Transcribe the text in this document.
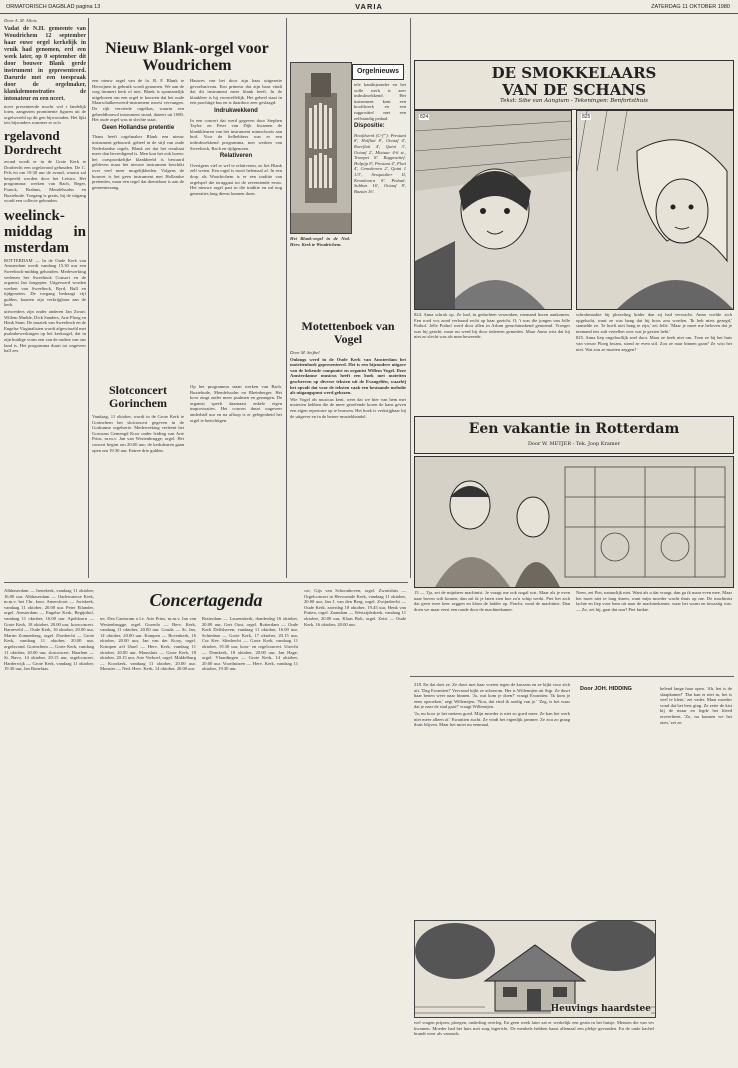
ORMATORISCH DAGBLAD pagina 13	VARIA	ZATERDAG 11 OKTOBER 1980

Door A. M. Allois

Vadat de N.H. gemeente van Woudrichem 12 september haar euwe orgel kerkelijk in vruik had genomen, erd een week later, op 0 september dit door bouwer Blank gerde instrument in gepresenteerd. Daeurde met een toespraak door de orgelmaker, klankdemonstraties de intonateur en een ncert.

ncert presenteerde mocht wel t landelijk loten, aangezien prominente figuren uit de orgelwereld op dit gen bijwoonden. Het lijkt iets bijzonders wanneer er zo'n

rgelavond Dordrecht

avond wordt er in de Grote Kerk te Dordrecht een orgelavond gehouden. De C. Pels en om 19.30 uur de avond, waarin zal bespeeld worden door het Leistra. Het programma: werken van Bach, Reger, Franck, Brahms, Mendelssohn en Buxtehude. Toegang is gratis, bij de uitgang wordt een collecte gehouden.

weelinck-middag in msterdam

ROTTERDAM — In de Oude Kerk van Amsterdam wordt vandaag 15.30 uur een Sweelinck-middag gehouden. Medewerking verlenen het Sweelinck Consort en de organist Jan Jongepier. Uitgevoerd worden werken van Sweelinck, Byrd, Bull en tijdgenoten. De toegang bedraagt vijf gulden, kaarten zijn verkrijgbaar aan de kerk.

uitvoerders zijn onder anderen Jan Zwart, Willem Mudde, Dick Sanders, Arie Ploeg en Henk Stam. De muziek van Sweelinck en de Engelse Virginalisten wordt afgewisseld met psalmbewerkingen op het kerkorgel, dat in zijn huidige vorm een van de oudste van ons land is. Het programma duurt tot ongeveer half zes.

Nieuw Blank-orgel voor Woudrichem

een nieuw orgel van de fa. B. F. Blank te Herwijnen in gebruik wordt genomen. We aan de weg timmert kerk of niet. Blank is spontanelijk uitgekozen om een orgel te bouwen dat het oude Maarschalkerweerd-instrument moest vervangen. De rijk versierde orgelkas, waarin een gebeeldhouwd instrument stond, dateert uit 1680. Het oude orgel was in slechte staat.

Geen Hollandse pretentie

Thans heeft orgelmaker Blank een nieuw instrument gebouwd, geheel in de stijl van oude Nederlandse orgels. Blank zei dat het resultaat meer dan bevredigend is. Men kon het ook horen: het oorspronkelijke klankbeeld is bewaard gebleven maar het nieuwe instrument beschikt over veel meer mogelijkheden. Volgens de bouwer is het geen instrument met Hollandse pretenties, maar een orgel dat dienstbaar is aan de gemeentezang.

Hauwes van het door zijn baas uitgezette gevoelsniveau. Een primeur dat zijn baas vindt dat dit instrument meer klank heeft. In de klankleer is hij voortreffelijk. Het geheel staat in een prachtige kas en is daardoor zeer geslaagd.

Indrukwekkend

In een concert dat werd gegeven door Stephen Taylor en Peter van Dijk kwamen de klankkleuren van het instrument ruimschoots aan bod. Voor de liefhebbers was er een indrukwekkend programma, met werken van Sweelinck, Bach en tijdgenoten.

Relativeren

Overigens viel er wel te relativeren, zo liet Blank zelf weten. Een orgel is nooit helemaal af. In een dorp als Woudrichem is er een traditie van orgelspel die teruggaat tot de zeventiende eeuw. Het nieuwe orgel past in die traditie en zal nog generaties lang dienst kunnen doen.

Slotconcert Gorinchem

Vandaag, 11 oktober, wordt in de Grote Kerk te Gorinchem het slotconcert gegeven in de Gorkumse orgelserie. Medewerking verleent het Gorcums Gemengd Koor onder leiding van Arie Prins, m.m.v. Jan van Westenbrugge, orgel. Het concert begint om 20.00 uur; de kerkdeuren gaan open om 19.30 uur. Entree drie gulden.

Op het programma staan werken van Bach, Buxtehude, Mendelssohn en Rheinberger. Het koor zingt onder meer psalmen en gezangen. De organist speelt daarnaast enkele eigen improvisaties. Het concert duurt ongeveer anderhalf uur en na afloop is er gelegenheid het orgel te bezichtigen.

Orgelnieuws
Het Blank-orgel in de Ned. Herv. Kerk te Woudrichem.

tele kantbijzonder en het volle werk is zeer indrukwekkend. Het instrument kent een hoofdwerk en een rugpositief met een zelfstandig pedaal.

Dispositie:

Hoofdwerk (C-f'''): Prestant 8', Holfluit 8', Octaaf 4', Roerfluit 4', Quint 3', Octaaf 2', Mixtuur 4-6 st., Trompet 8'. Rugpositief: Holpijp 8', Prestant 4', Fluit 4', Gemshoorn 2', Quint 1 1/3', Sesquialter II, Kromhoorn 8'. Pedaal: Subbas 16', Octaaf 8', Bazuin 16'.

Motettenboek van Vogel

Door M. Seijbel

Onlangs werd in de Oude Kerk van Amsterdam het motettenboek gepresenteerd. Het is een bijzondere uitgave van de bekende componist en organist Willem Vogel. Deze Amsterdamse musicus heeft een boek met motetten geschreven op diverse teksten uit de Evangeliën, waarbij het opvalt dat voor de teksten vaak een bestaande melodie als uitgangspunt werd gekozen.

Wie Vogel als musicus kent, weet dat we hier van hem met motetten hebben die de meer geoefende koren de kans geven een eigen repertoire op te bouwen. Het boek is verkrijgbaar bij de uitgever en in de betere muziekhandel.

DE SMOKKELAARS
VAN DE SCHANS
Tekst: Sibe van Aangium - Tekeningen: Benfortsthuis
824	825

824. Anna schrok op. Ze had, in gedachten verzonken, niemand horen aankomen. Een rood vos zond verbaasd recht op haar gezicht. O, 't was die jongen van Jelle Pothof. Jelle Pothof werd door allen in Arlum geruchtmakend genoemd. Vroeger was hij geacht, maar nu werd hij door iedereen gemeden. Maar Anna wist dat hij niet zo slecht was als men beweerde.

schrokmaakte hij plotseling luider dan zij had verwacht. Anna voelde zich opgelucht, want ze was bang dat hij boos zou worden. 'Ik heb niets gezegd,' stamelde ze. 'Je hoeft niet bang te zijn,' zei Jelle. 'Maar je moet me beloven dat je niemand iets zult vertellen over wat je gezien hebt.'

825. Anna liep ongelooflijk snel door. Maar ze keek niet om. Toen ze bij het huis van vrouw Ploeg kwam, stond ze even stil. Zou ze naar binnen gaan? Ze wist het niet. Wat zou ze moeten zeggen?

Een vakantie in Rotterdam
Door W. METJER - Tek. Joop Kramer

15 — Tja, zei de mijnheer machinist. Je vraagt me ook nogal wat. Maar als je even naar boven wilt komen, dan zal ik je laten zien hoe zo'n schip werkt. Piet liet zich dat geen twee keer zeggen en klom de ladder op. Pracht, vond de machinist. Dan doen we maar eerst een ronde door de machinekamer.

Neen, zei Piet, natuurlijk niet. Want als u dat vraagt, dan ga ik maar even mee. Maar het moet niet te lang duren, want mijn moeder wacht thuis op me. De machinist lachte en liep voor hem uit naar de machinekamer, waar het warm en lawaaiig was. — Zo, zei hij, gaat dat nou? Piet knikte.

Concertagenda
Albhaserdam — Irenekerk, vandaag 11 oktober, 16.00 uur. Albhaserdam — Oudewaterse Kerk, m.m.v. het Chr. koor. Amersfoort — Joriskerk, vandaag 11 oktober, 20.00 uur. Peter Eilander, orgel. Amsterdam — Engelse Kerk, Begijnhof, vandaag 11 oktober, 16.00 uur. Apeldoorn — Grote Kerk, 18 oktober, 20.00 uur, koorconcert. Barneveld — Oude Kerk, 16 oktober, 20.00 uur, Martin Zonnenberg, orgel. Dordrecht — Grote Kerk, vandaag 11 oktober, 20.00 uur, orgelavond. Gorinchem — Grote Kerk, vandaag 11 oktober, 20.00 uur, slotconcert. Haarlem — St. Bavo, 14 oktober, 20.15 uur, orgelconcert. Harderwijk — Grote Kerk, vandaag 11 oktober, 19.30 uur, Jan Bonefaas.
ter, Dea Cantorum o.l.v. Arie Prins, m.m.v. Jan van Westenbrugge, orgel. Groenlo — Herv. Kerk, vandaag 11 oktober, 20.00 uur. Gouda — St. Jan, 14 oktober, 20.00 uur. Kampen — Bovenkerk, 16 oktober, 20.00 uur, Jan van der Kooy, orgel. Krimpen a/d IJssel — Herv. Kerk, vandaag 11 oktober, 20.00 uur. Maassluis — Grote Kerk, 18 oktober, 20.15 uur, Arie Verhoef, orgel. Middelburg — Koorkerk, vandaag 11 oktober, 20.00 uur. Monster — Ned. Herv. Kerk, 14 oktober, 20.00 uur.
Rotterdam — Laurenskerk, donderdag 16 oktober, 20.00 uur, Gert Oost, orgel. Rotterdam — Oude Kerk Delfshaven, vandaag 11 oktober, 16.00 uur. Schiedam — Grote Kerk, 17 oktober, 20.15 uur, Cor Kee. Sliedrecht — Grote Kerk, vandaag 11 oktober, 19.30 uur, koor- en orgelconcert. Utrecht — Domkerk, 18 oktober, 20.00 uur, Jan Hage, orgel. Vlaardingen — Grote Kerk, 14 oktober, 20.00 uur. Voorthuizen — Herv. Kerk, vandaag 11 oktober, 19.30 uur.
cor, Gijs van Schoonhoven, orgel. Zwartsluis — Orgelconcert in Hervormde Kerk, vandaag 11 oktober, 20.00 uur, Jan J. van den Berg, orgel. Zwijndrecht — Oude Kerk, zaterdag 18 oktober, 19.45 uur, Henk van Putten, orgel. Zaandam — Westzijderkerk, vandaag 11 oktober, 20.00 uur, Klaas Bolt, orgel. Zeist — Oude Kerk, 16 oktober, 20.00 uur.

318. En dat doet ze. Ze duwt met haar voeten tegen de kussens en ze kijkt voor zich uit. 'Dag Ewantien!' Vervaasd kijkt ze achterom. Het is Willemtjen uit Sijp. Ze duwt haar benen weer naar binnen. 'Ja, wat kom je doen?' vraagt Ewantien. 'Ik kom je eens opzoeken,' zegt Willemtjen. 'Nou, dat vind ik aardig van je.' 'Zeg, is het waar dat je naar de stad gaat?' vraagt Willemtjen.

'Ja, nu hoor je het meteen goed. Mijn moeder is niet zo goed meer. Ze kan het werk niet meer alleen af.' Ewantien zucht. Ze vindt het eigenlijk jammer. Ze zou zo graag thuis blijven. Maar het moet nu eenmaal.

Door JOH. HIDDING	kelend lange haar open. 'Ah, het is de slaapkamer!' 'Dat kan er niet in, het is veel te klein,' zei vader. Maar moeder vond dat het best ging. Ze zette de kist bij de muur en legde het kleed eroverheen. 'Zo, nu kunnen we het zien,' zei ze.

Heuvings haardstee

wel vragen prijzen, ploegen, onderling overleg. En geen week later zat er werkelijk een gezin in het huisje. Mensen die van ver kwamen. Moeder had het huis met zorg ingericht. De meubels hebben haast allemaal een plekje gevonden. En de oude kachel brandt weer als vanouds.
